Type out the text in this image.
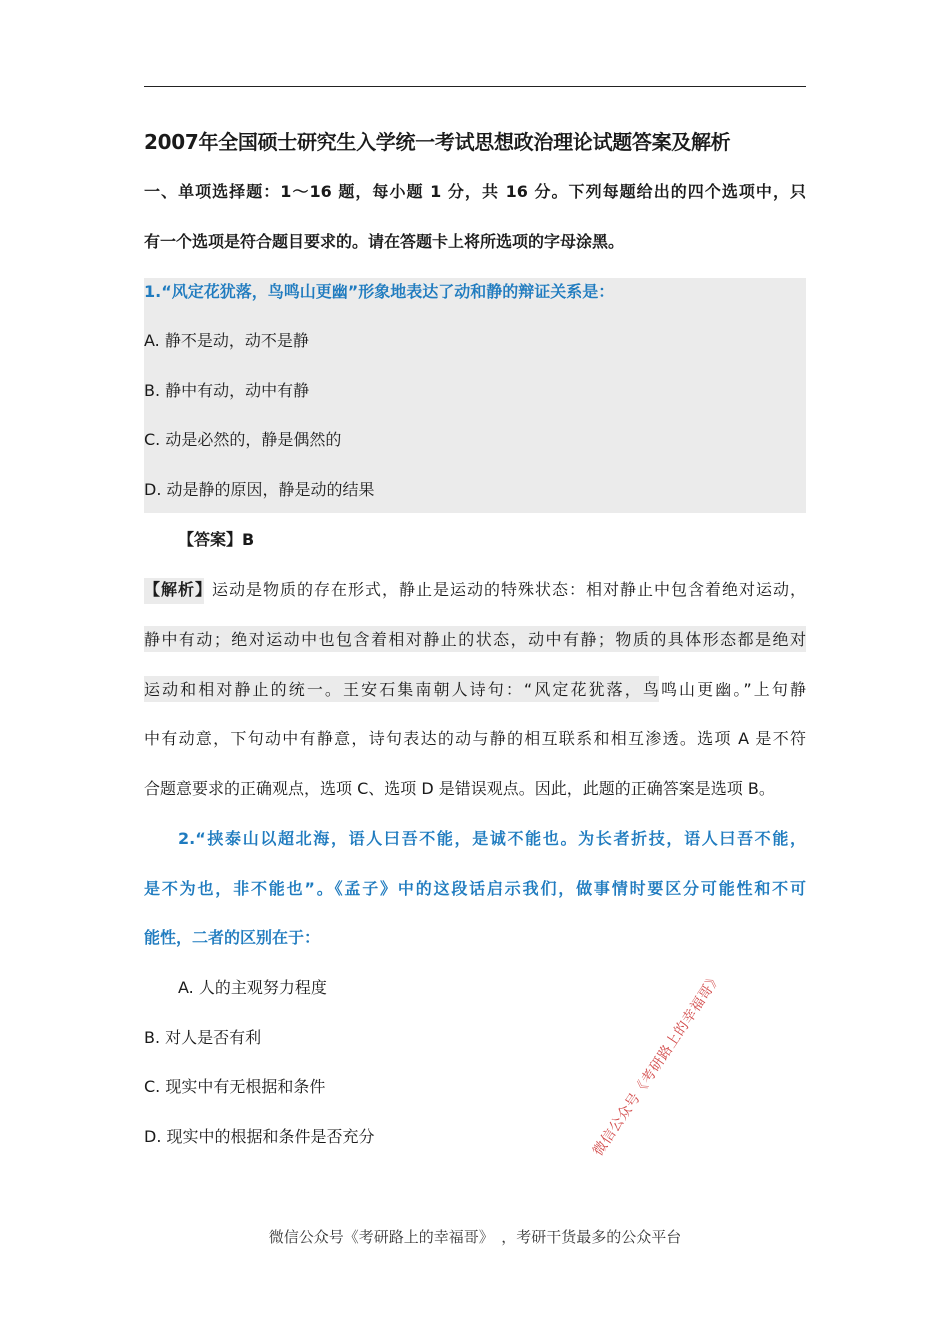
2007年全国硕士研究生入学统一考试思想政治理论试题答案及解析
一、单项选择题：1～16 题，每小题 1 分，共 16 分。下列每题给出的四个选项中，只
有一个选项是符合题目要求的。请在答题卡上将所选项的字母涂黑。
1.“风定花犹落，鸟鸣山更幽”形象地表达了动和静的辩证关系是：
A. 静不是动，动不是静
B. 静中有动，动中有静
C. 动是必然的，静是偶然的
D. 动是静的原因，静是动的结果
【答案】B
【解析】运动是物质的存在形式，静止是运动的特殊状态：相对静止中包含着绝对运动，
静中有动；绝对运动中也包含着相对静止的状态，动中有静；物质的具体形态都是绝对
运动和相对静止的统一。王安石集南朝人诗句：“风定花犹落，鸟鸣山更幽。”上句静
中有动意，下句动中有静意，诗句表达的动与静的相互联系和相互渗透。选项 A 是不符
合题意要求的正确观点，选项 C、选项 D 是错误观点。因此，此题的正确答案是选项 B。
2.“挟泰山以超北海，语人曰吾不能，是诚不能也。为长者折技，语人曰吾不能，
是不为也，非不能也”。《孟子》中的这段话启示我们，做事情时要区分可能性和不可
能性，二者的区别在于：
A. 人的主观努力程度
B. 对人是否有利
C. 现实中有无根据和条件
D. 现实中的根据和条件是否充分	微信公众号《考研路上的幸福哥》
微信公众号《考研路上的幸福哥》　，考研干货最多的公众平台
